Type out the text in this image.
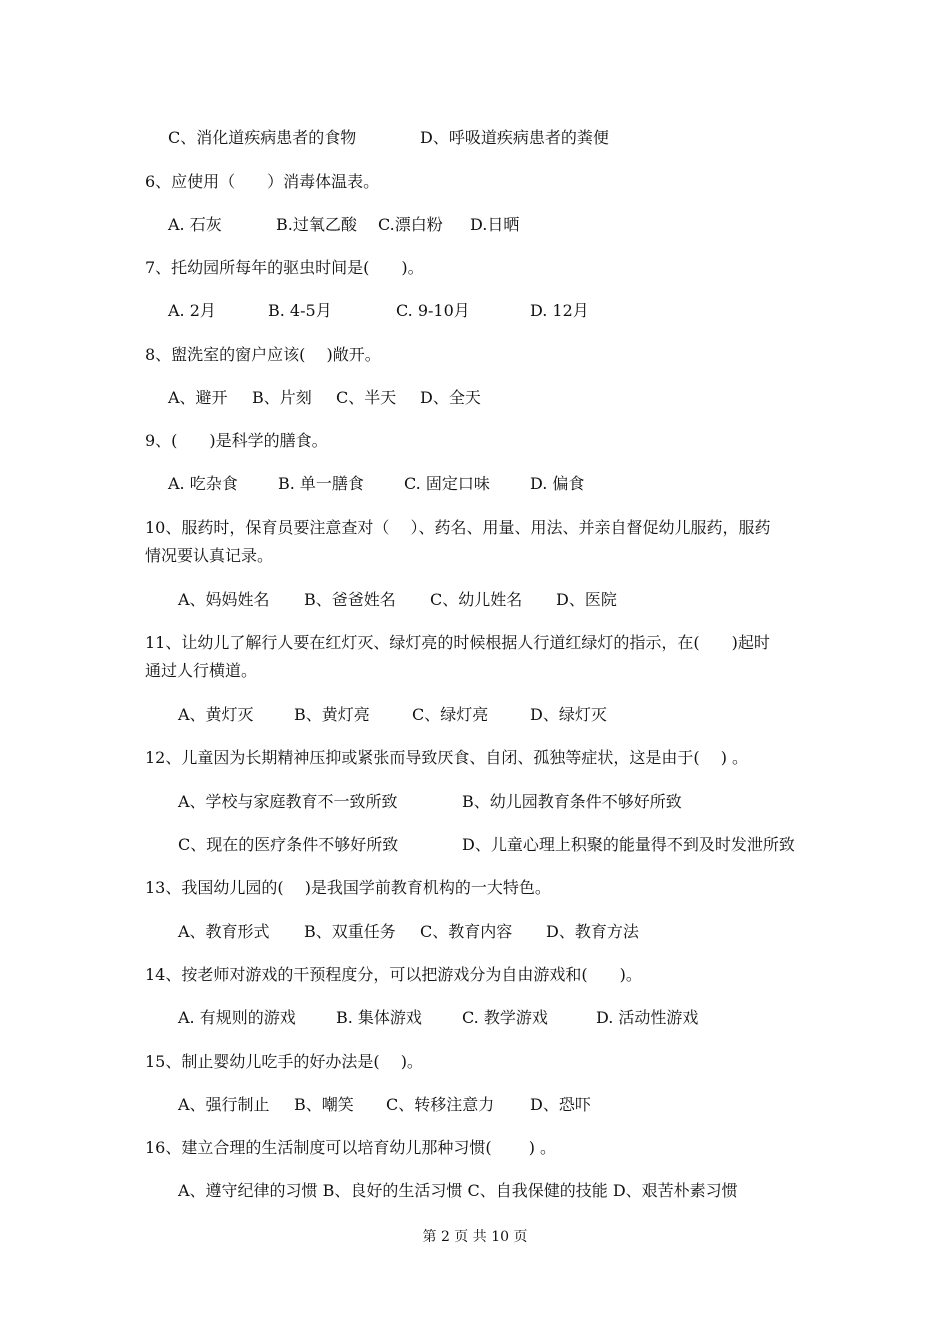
C、消化道疾病患者的食物	D、呼吸道疾病患者的粪便
6、应使用（　　）消毒体温表。
A. 石灰	B.过氧乙酸 C.漂白粉 D.日晒
7、托幼园所每年的驱虫时间是(　　)。
A. 2月	B. 4-5月	C. 9-10月	D. 12月
8、盥洗室的窗户应该(　 )敞开。
A、避开 B、片刻 C、半天 D、全天
9、(　　)是科学的膳食。
A. 吃杂食	B. 单一膳食	C. 固定口味	D. 偏食
10、服药时，保育员要注意查对（　 ）、药名、用量、用法、并亲自督促幼儿服药，服药
情况要认真记录。
A、妈妈姓名 B、爸爸姓名 C、幼儿姓名 D、医院
11、让幼儿了解行人要在红灯灭、绿灯亮的时候根据人行道红绿灯的指示，在(　　)起时
通过人行横道。
A、黄灯灭	B、黄灯亮	C、绿灯亮	D、绿灯灭
12、儿童因为长期精神压抑或紧张而导致厌食、自闭、孤独等症状，这是由于(　 ) 。
A、学校与家庭教育不一致所致	B、幼儿园教育条件不够好所致
C、现在的医疗条件不够好所致	D、儿童心理上积聚的能量得不到及时发泄所致
13、我国幼儿园的(　 )是我国学前教育机构的一大特色。
A、教育形式 B、双重任务 C、教育内容 D、教育方法
14、按老师对游戏的干预程度分，可以把游戏分为自由游戏和(　　)。
A. 有规则的游戏	B. 集体游戏	C. 教学游戏	D. 活动性游戏
15、制止婴幼儿吃手的好办法是(　 )。
A、强行制止 B、嘲笑 C、转移注意力 D、恐吓
16、建立合理的生活制度可以培育幼儿那种习惯(　　 ) 。
A、遵守纪律的习惯 B、良好的生活习惯 C、自我保健的技能 D、艰苦朴素习惯
第 2 页 共 10 页
